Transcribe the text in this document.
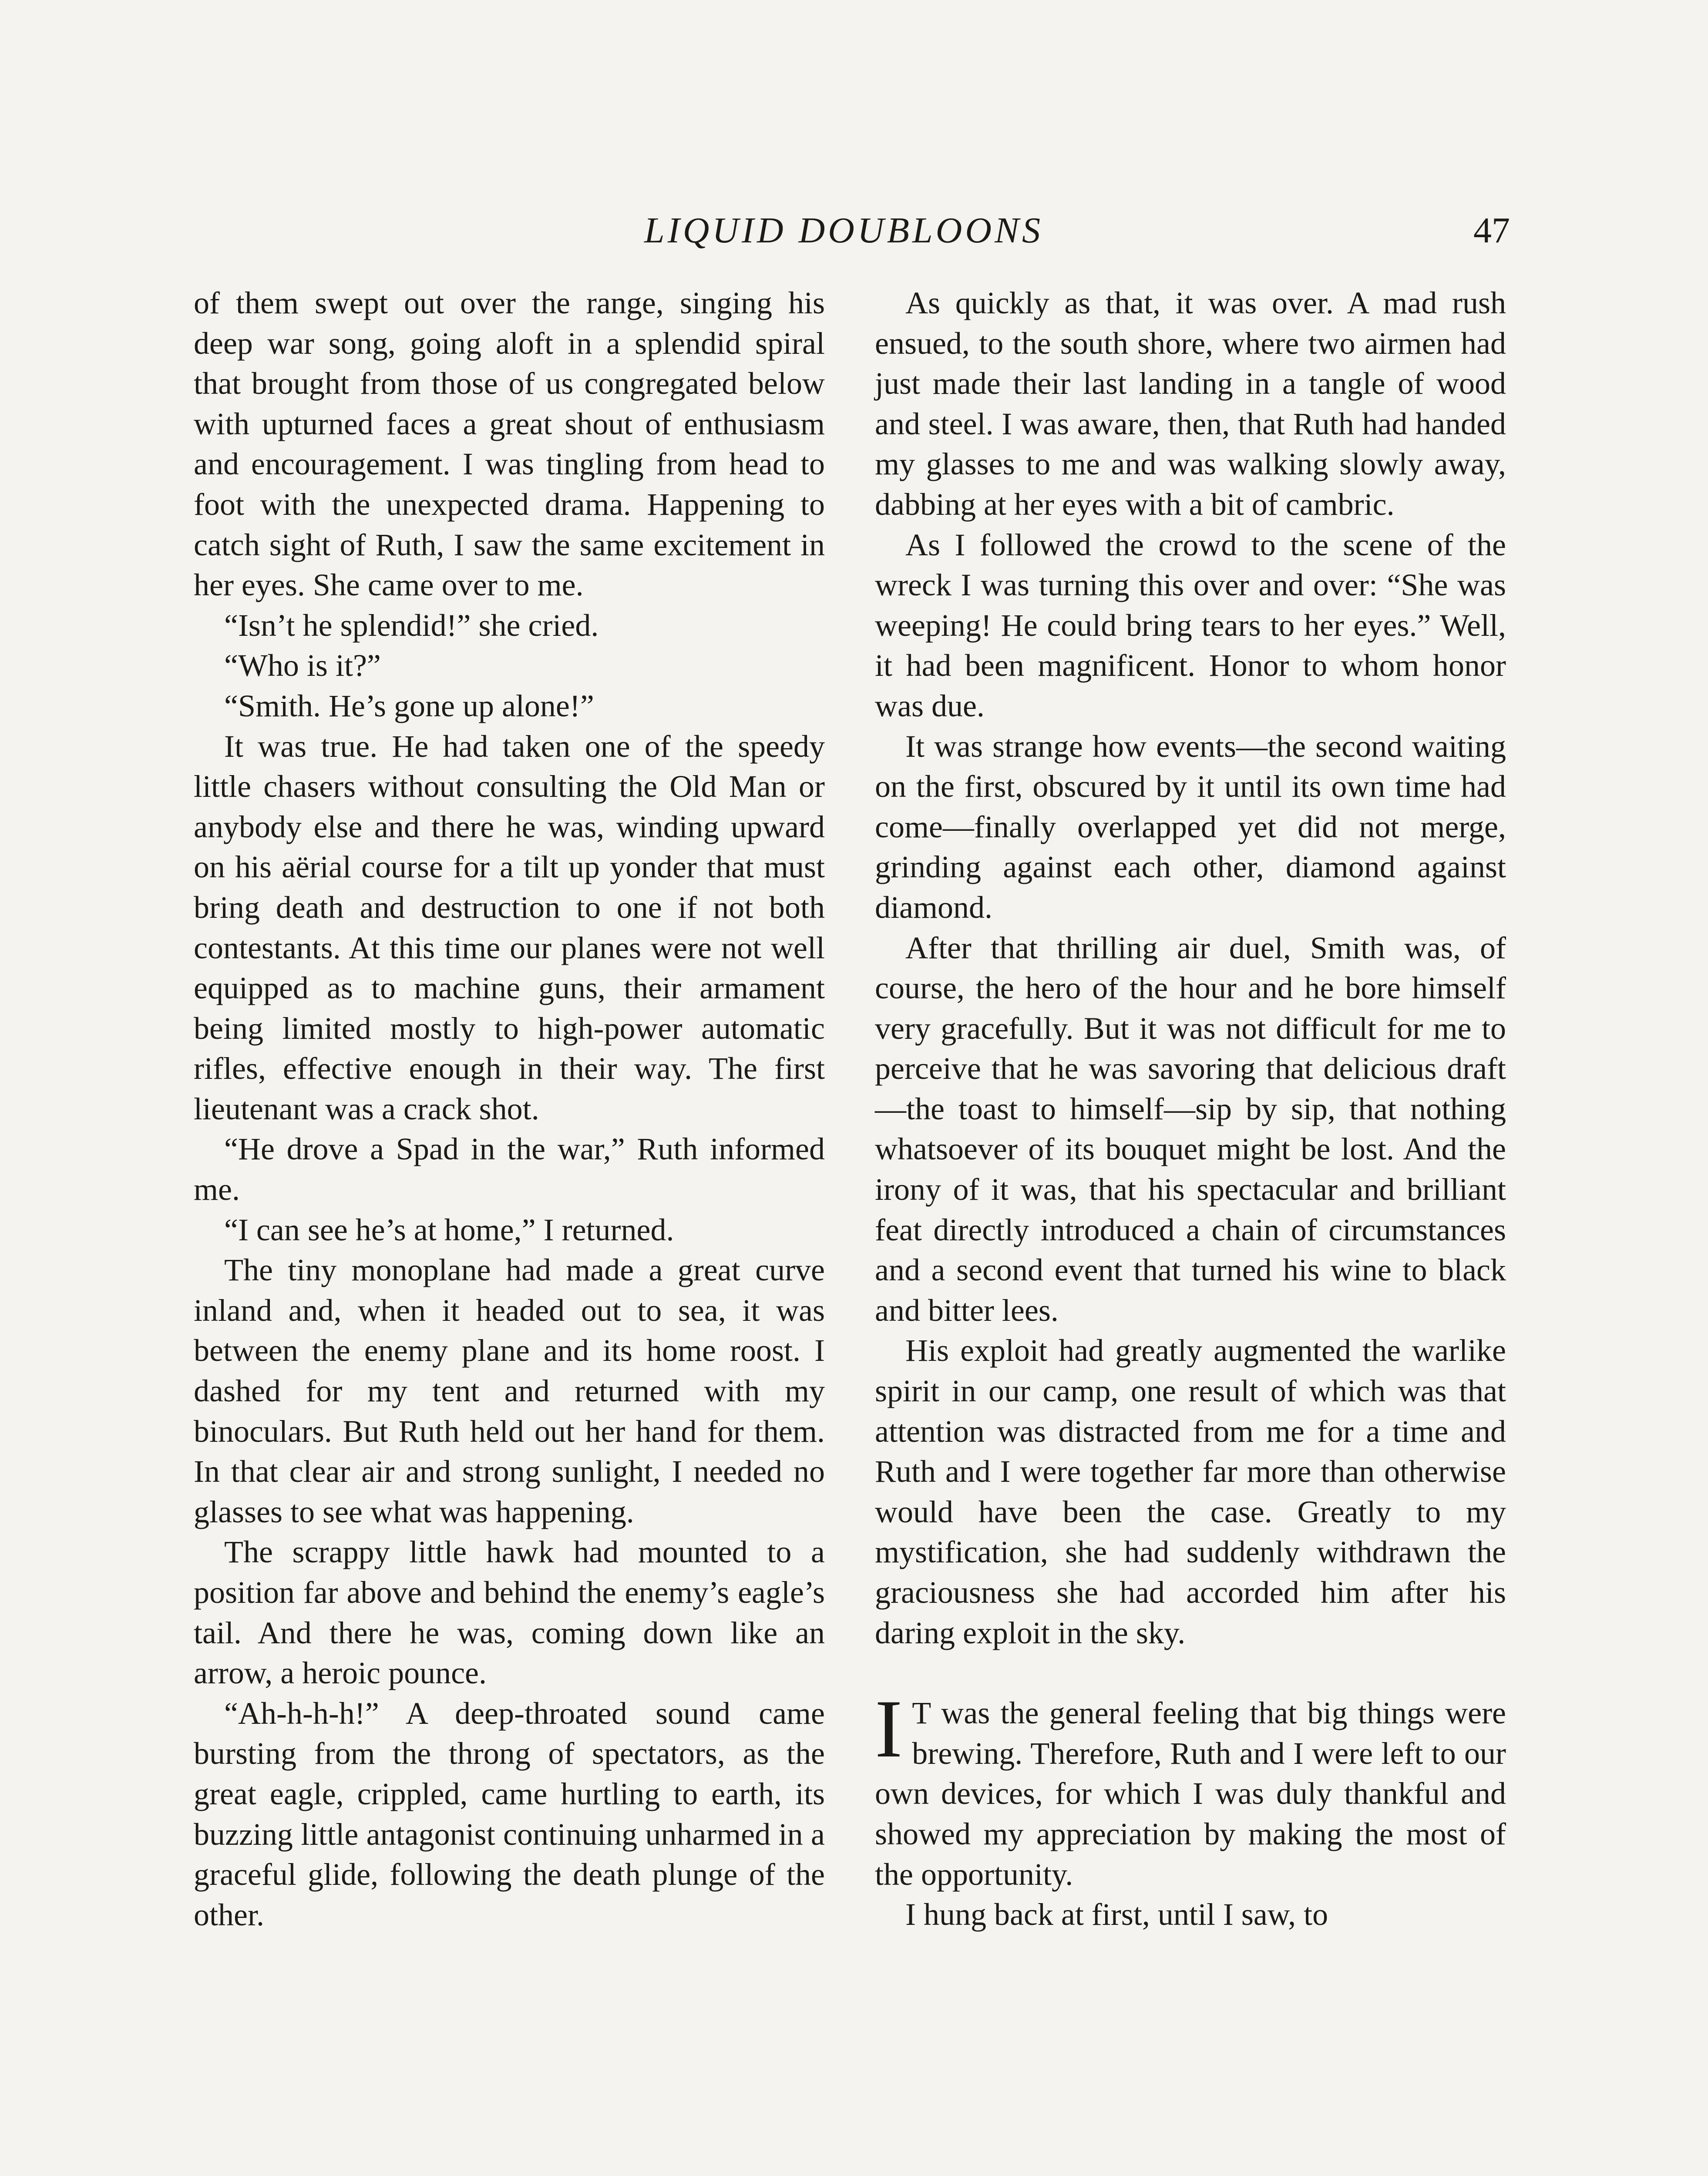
LIQUID DOUBLOONS	47

of them swept out over the range, singing his deep war song, going aloft in a splendid spiral that brought from those of us congregated below with upturned faces a great shout of enthusiasm and encouragement. I was tingling from head to foot with the unexpected drama. Happening to catch sight of Ruth, I saw the same excitement in her eyes. She came over to me.

“Isn’t he splendid!” she cried.

“Who is it?”

“Smith. He’s gone up alone!”

It was true. He had taken one of the speedy little chasers without consulting the Old Man or anybody else and there he was, winding upward on his aërial course for a tilt up yonder that must bring death and destruction to one if not both contestants. At this time our planes were not well equipped as to machine guns, their armament being limited mostly to high-power automatic rifles, effective enough in their way. The first lieutenant was a crack shot.

“He drove a Spad in the war,” Ruth informed me.

“I can see he’s at home,” I returned.

The tiny monoplane had made a great curve inland and, when it headed out to sea, it was between the enemy plane and its home roost. I dashed for my tent and returned with my binoculars. But Ruth held out her hand for them. In that clear air and strong sunlight, I needed no glasses to see what was happening.

The scrappy little hawk had mounted to a position far above and behind the enemy’s eagle’s tail. And there he was, coming down like an arrow, a heroic pounce.

“Ah-h-h-h!” A deep-throated sound came bursting from the throng of spectators, as the great eagle, crippled, came hurtling to earth, its buzzing little antagonist continuing unharmed in a graceful glide, following the death plunge of the other.

As quickly as that, it was over. A mad rush ensued, to the south shore, where two airmen had just made their last landing in a tangle of wood and steel. I was aware, then, that Ruth had handed my glasses to me and was walking slowly away, dabbing at her eyes with a bit of cambric.

As I followed the crowd to the scene of the wreck I was turning this over and over: “She was weeping! He could bring tears to her eyes.” Well, it had been magnificent. Honor to whom honor was due.

It was strange how events—the second waiting on the first, obscured by it until its own time had come—finally overlapped yet did not merge, grinding against each other, diamond against diamond.

After that thrilling air duel, Smith was, of course, the hero of the hour and he bore himself very gracefully. But it was not difficult for me to perceive that he was savoring that delicious draft—the toast to himself—sip by sip, that nothing whatsoever of its bouquet might be lost. And the irony of it was, that his spectacular and brilliant feat directly introduced a chain of circumstances and a second event that turned his wine to black and bitter lees.

His exploit had greatly augmented the warlike spirit in our camp, one result of which was that attention was distracted from me for a time and Ruth and I were together far more than otherwise would have been the case. Greatly to my mystification, she had suddenly withdrawn the graciousness she had accorded him after his daring exploit in the sky.

I T was the general feeling that big things were brewing. Therefore, Ruth and I were left to our own devices, for which I was duly thankful and showed my appreciation by making the most of the opportunity.

I hung back at first, until I saw, to
